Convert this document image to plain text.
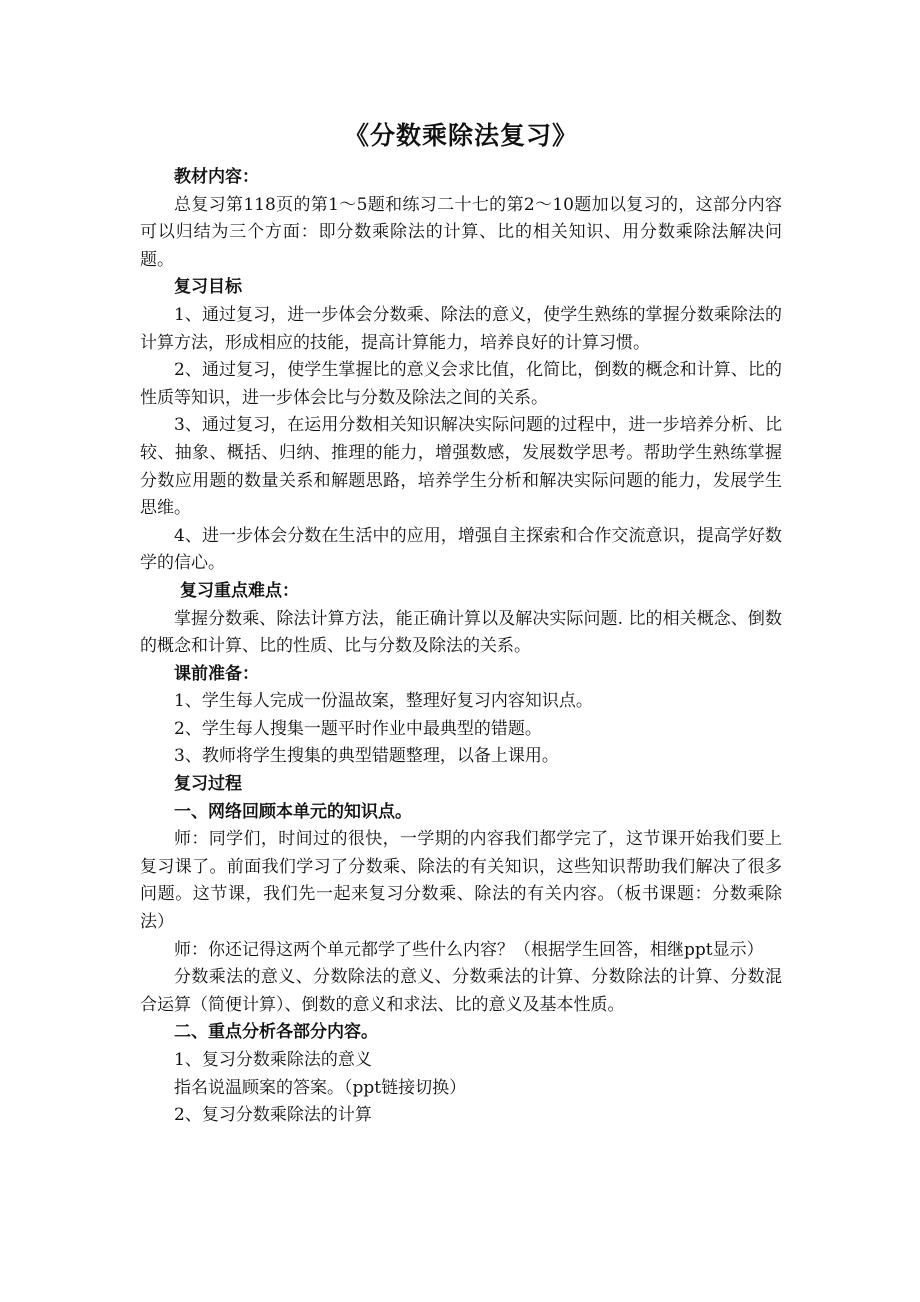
《分数乘除法复习》

教材内容：

总复习第118页的第1～5题和练习二十七的第2～10题加以复习的，这部分内容可以归结为三个方面：即分数乘除法的计算、比的相关知识、用分数乘除法解决问题。

复习目标

1、通过复习，进一步体会分数乘、除法的意义，使学生熟练的掌握分数乘除法的计算方法，形成相应的技能，提高计算能力，培养良好的计算习惯。

2、通过复习，使学生掌握比的意义会求比值，化简比，倒数的概念和计算、比的性质等知识，进一步体会比与分数及除法之间的关系。

3、通过复习，在运用分数相关知识解决实际问题的过程中，进一步培养分析、比较、抽象、概括、归纳、推理的能力，增强数感，发展数学思考。帮助学生熟练掌握分数应用题的数量关系和解题思路，培养学生分析和解决实际问题的能力，发展学生思维。

4、进一步体会分数在生活中的应用，增强自主探索和合作交流意识，提高学好数学的信心。

复习重点难点：

掌握分数乘、除法计算方法，能正确计算以及解决实际问题. 比的相关概念、倒数的概念和计算、比的性质、比与分数及除法的关系。

课前准备：

1、学生每人完成一份温故案，整理好复习内容知识点。

2、学生每人搜集一题平时作业中最典型的错题。

3、教师将学生搜集的典型错题整理，以备上课用。

复习过程

一、网络回顾本单元的知识点。

师：同学们，时间过的很快，一学期的内容我们都学完了，这节课开始我们要上复习课了。前面我们学习了分数乘、除法的有关知识，这些知识帮助我们解决了很多问题。这节课，我们先一起来复习分数乘、除法的有关内容。（板书课题：分数乘除法）

师：你还记得这两个单元都学了些什么内容？（根据学生回答，相继ppt显示）

分数乘法的意义、分数除法的意义、分数乘法的计算、分数除法的计算、分数混合运算（简便计算）、倒数的意义和求法、比的意义及基本性质。

二、重点分析各部分内容。

1、复习分数乘除法的意义

指名说温顾案的答案。（ppt链接切换）

2、复习分数乘除法的计算
